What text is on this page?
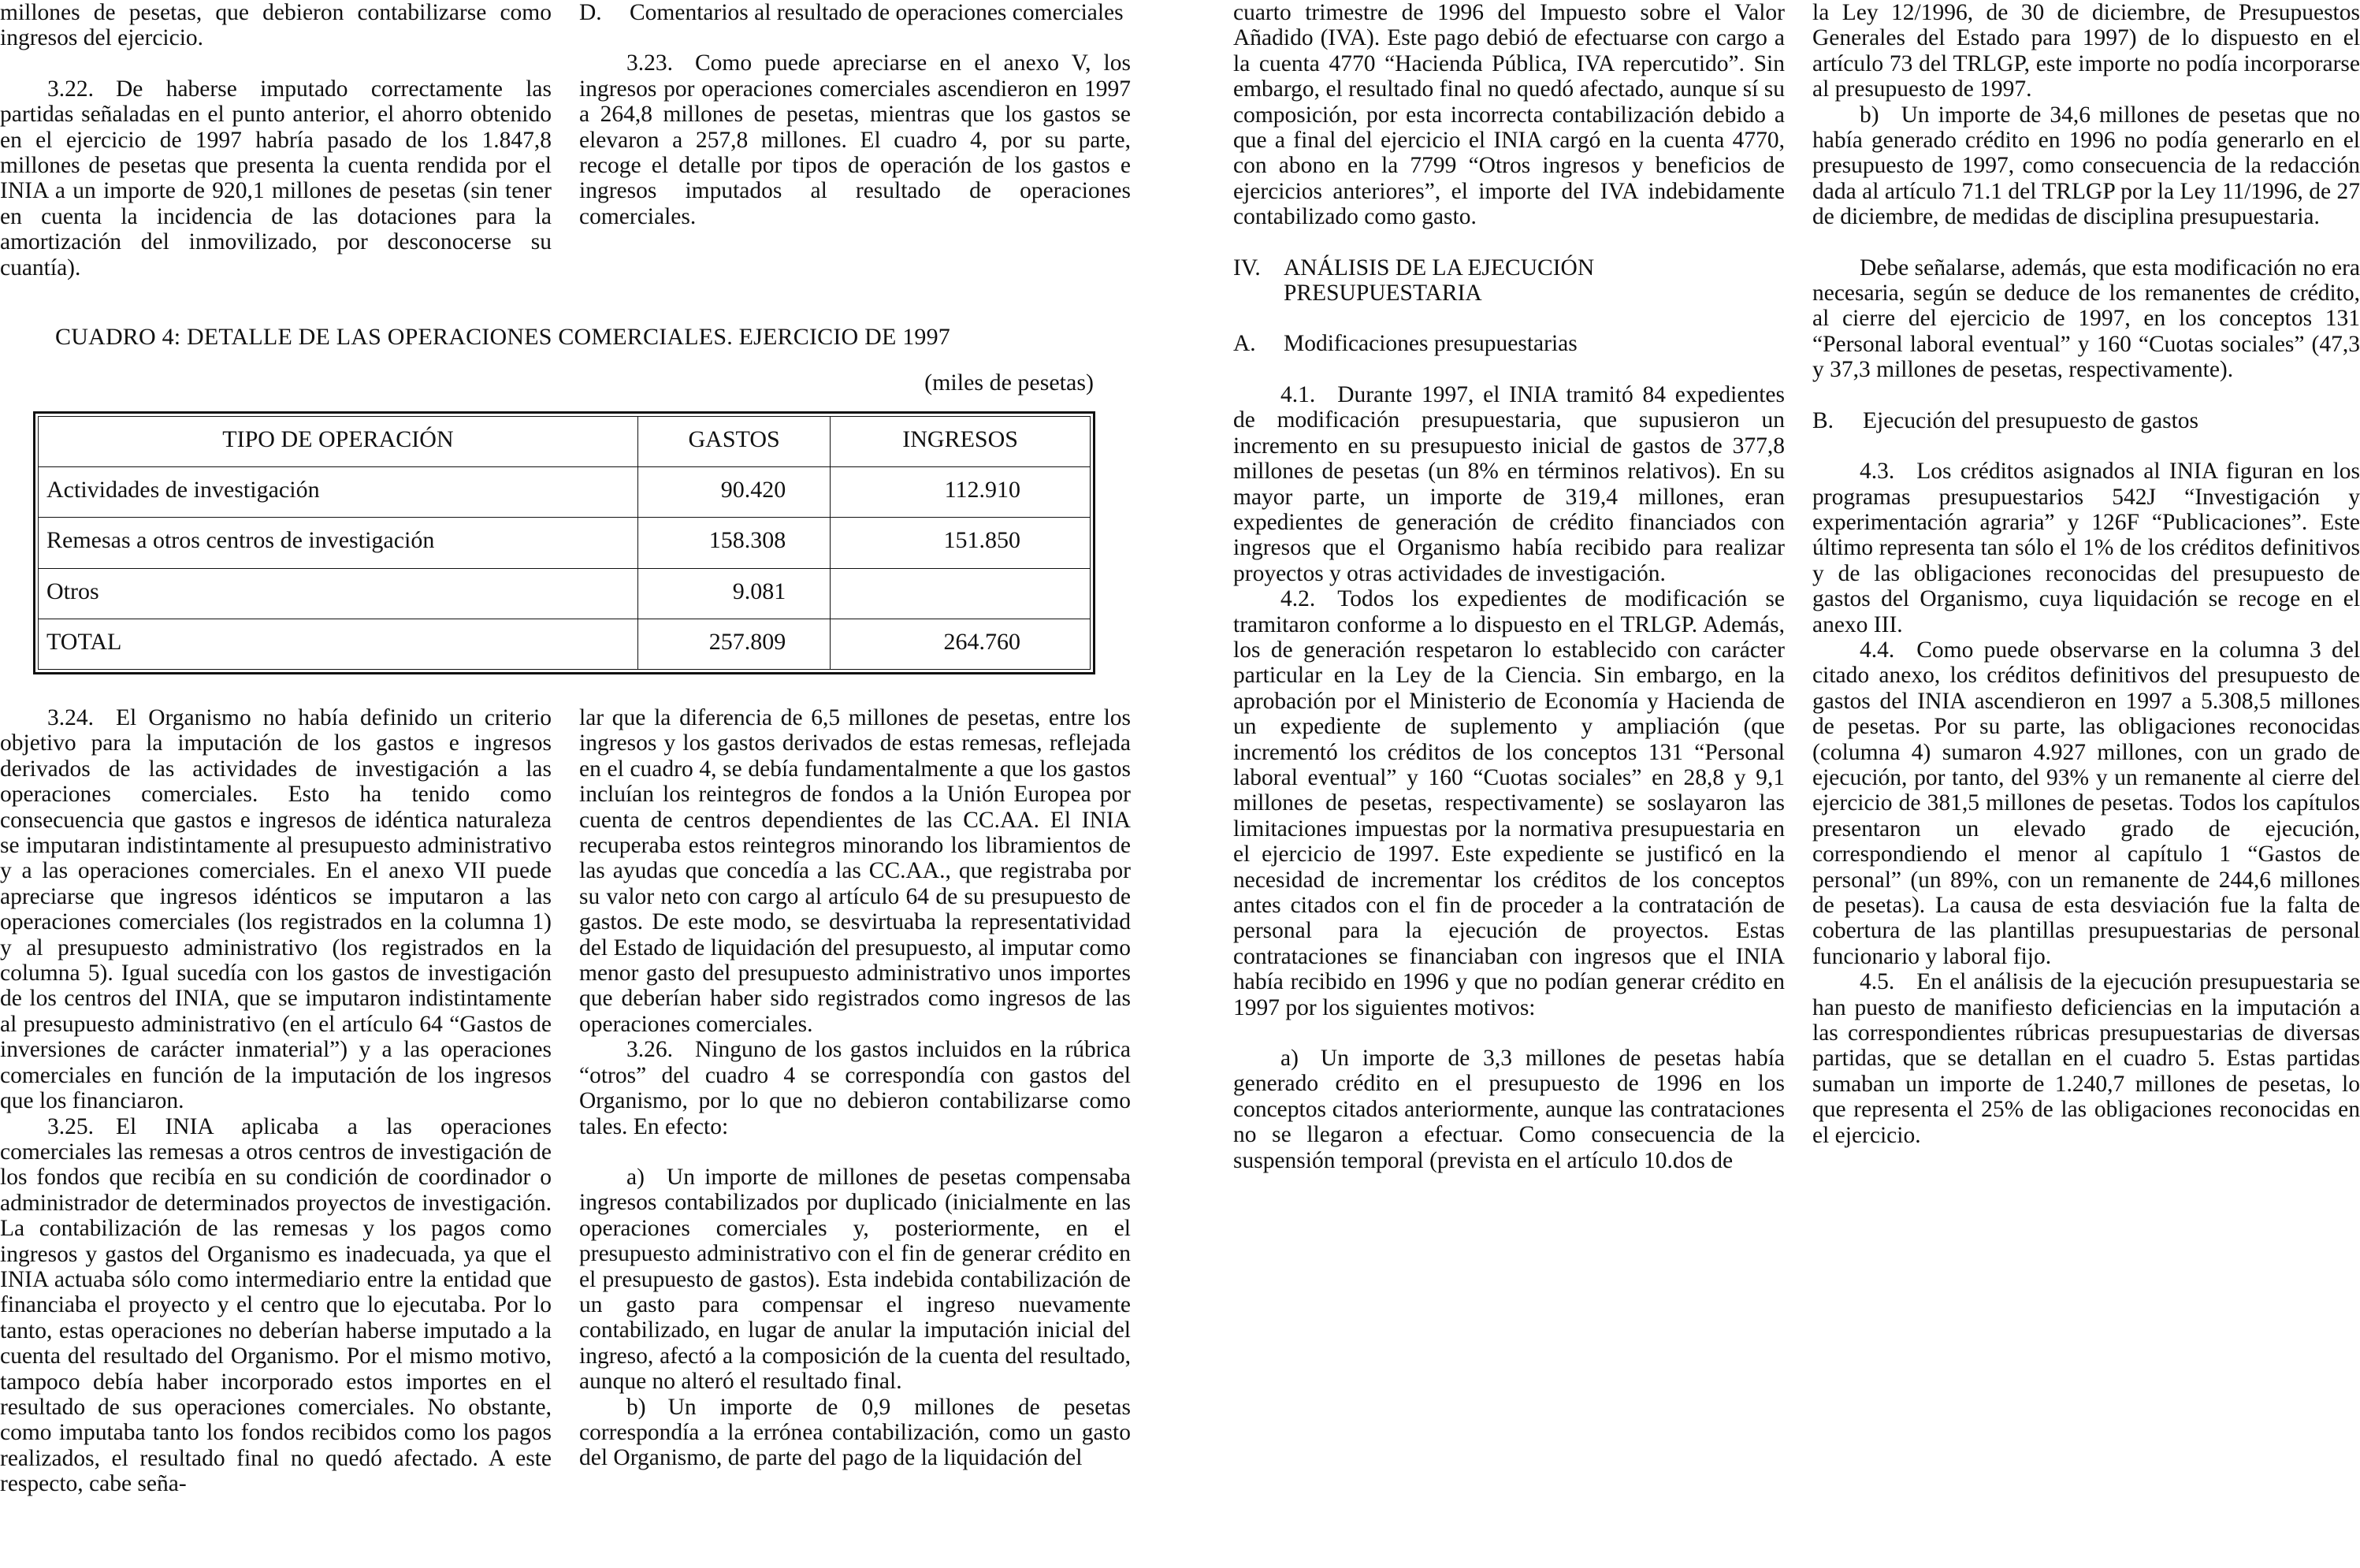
millones de pesetas, que debieron contabilizarse como ingresos del ejercicio.

3.22. De haberse imputado correctamente las partidas señaladas en el punto anterior, el ahorro obtenido en el ejercicio de 1997 habría pasado de los 1.847,8 millones de pesetas que presenta la cuenta rendida por el INIA a un importe de 920,1 millones de pesetas (sin tener en cuenta la incidencia de las dotaciones para la amortización del inmovilizado, por desconocerse su cuantía).

D.	Comentarios al resultado de operaciones comerciales

3.23. Como puede apreciarse en el anexo V, los ingresos por operaciones comerciales ascendieron en 1997 a 264,8 millones de pesetas, mientras que los gastos se elevaron a 257,8 millones. El cuadro 4, por su parte, recoge el detalle por tipos de operación de los gastos e ingresos imputados al resultado de operaciones comerciales.

CUADRO 4: DETALLE DE LAS OPERACIONES COMERCIALES. EJERCICIO DE 1997
(miles de pesetas)
TIPO DE OPERACIÓN	GASTOS	INGRESOS
Actividades de investigación	90.420	112.910
Remesas a otros centros de investigación	158.308	151.850
Otros	9.081	
TOTAL	257.809	264.760

3.24. El Organismo no había definido un criterio objetivo para la imputación de los gastos e ingresos derivados de las actividades de investigación a las operaciones comerciales. Esto ha tenido como consecuencia que gastos e ingresos de idéntica naturaleza se imputaran indistintamente al presupuesto administrativo y a las operaciones comerciales. En el anexo VII puede apreciarse que ingresos idénticos se imputaron a las operaciones comerciales (los registrados en la columna 1) y al presupuesto administrativo (los registrados en la columna 5). Igual sucedía con los gastos de investigación de los centros del INIA, que se imputaron indistintamente al presupuesto administrativo (en el artículo 64 “Gastos de inversiones de carácter inmaterial”) y a las operaciones comerciales en función de la imputación de los ingresos que los financiaron.

3.25. El INIA aplicaba a las operaciones comerciales las remesas a otros centros de investigación de los fondos que recibía en su condición de coordinador o administrador de determinados proyectos de investigación. La contabilización de las remesas y los pagos como ingresos y gastos del Organismo es inadecuada, ya que el INIA actuaba sólo como intermediario entre la entidad que financiaba el proyecto y el centro que lo ejecutaba. Por lo tanto, estas operaciones no deberían haberse imputado a la cuenta del resultado del Organismo. Por el mismo motivo, tampoco debía haber incorporado estos importes en el resultado de sus operaciones comerciales. No obstante, como imputaba tanto los fondos recibidos como los pagos realizados, el resultado final no quedó afectado. A este respecto, cabe seña-

lar que la diferencia de 6,5 millones de pesetas, entre los ingresos y los gastos derivados de estas remesas, reflejada en el cuadro 4, se debía fundamentalmente a que los gastos incluían los reintegros de fondos a la Unión Europea por cuenta de centros dependientes de las CC.AA. El INIA recuperaba estos reintegros minorando los libramientos de las ayudas que concedía a las CC.AA., que registraba por su valor neto con cargo al artículo 64 de su presupuesto de gastos. De este modo, se desvirtuaba la representatividad del Estado de liquidación del presupuesto, al imputar como menor gasto del presupuesto administrativo unos importes que deberían haber sido registrados como ingresos de las operaciones comerciales.

3.26. Ninguno de los gastos incluidos en la rúbrica “otros” del cuadro 4 se correspondía con gastos del Organismo, por lo que no debieron contabilizarse como tales. En efecto:

a) Un importe de millones de pesetas compensaba ingresos contabilizados por duplicado (inicialmente en las operaciones comerciales y, posteriormente, en el presupuesto administrativo con el fin de generar crédito en el presupuesto de gastos). Esta indebida contabilización de un gasto para compensar el ingreso nuevamente contabilizado, en lugar de anular la imputación inicial del ingreso, afectó a la composición de la cuenta del resultado, aunque no alteró el resultado final.

b) Un importe de 0,9 millones de pesetas correspondía a la errónea contabilización, como un gasto del Organismo, de parte del pago de la liquidación del

cuarto trimestre de 1996 del Impuesto sobre el Valor Añadido (IVA). Este pago debió de efectuarse con cargo a la cuenta 4770 “Hacienda Pública, IVA repercutido”. Sin embargo, el resultado final no quedó afectado, aunque sí su composición, por esta incorrecta contabilización debido a que a final del ejercicio el INIA cargó en la cuenta 4770, con abono en la 7799 “Otros ingresos y beneficios de ejercicios anteriores”, el importe del IVA indebidamente contabilizado como gasto.

IV. ANÁLISIS DE LA EJECUCIÓN PRESUPUESTARIA
A.	Modificaciones presupuestarias

4.1. Durante 1997, el INIA tramitó 84 expedientes de modificación presupuestaria, que supusieron un incremento en su presupuesto inicial de gastos de 377,8 millones de pesetas (un 8% en términos relativos). En su mayor parte, un importe de 319,4 millones, eran expedientes de generación de crédito financiados con ingresos que el Organismo había recibido para realizar proyectos y otras actividades de investigación.

4.2. Todos los expedientes de modificación se tramitaron conforme a lo dispuesto en el TRLGP. Además, los de generación respetaron lo establecido con carácter particular en la Ley de la Ciencia. Sin embargo, en la aprobación por el Ministerio de Economía y Hacienda de un expediente de suplemento y ampliación (que incrementó los créditos de los conceptos 131 “Personal laboral eventual” y 160 “Cuotas sociales” en 28,8 y 9,1 millones de pesetas, respectivamente) se soslayaron las limitaciones impuestas por la normativa presupuestaria en el ejercicio de 1997. Este expediente se justificó en la necesidad de incrementar los créditos de los conceptos antes citados con el fin de proceder a la contratación de personal para la ejecución de proyectos. Estas contrataciones se financiaban con ingresos que el INIA había recibido en 1996 y que no podían generar crédito en 1997 por los siguientes motivos:

a) Un importe de 3,3 millones de pesetas había generado crédito en el presupuesto de 1996 en los conceptos citados anteriormente, aunque las contrataciones no se llegaron a efectuar. Como consecuencia de la suspensión temporal (prevista en el artículo 10.dos de

la Ley 12/1996, de 30 de diciembre, de Presupuestos Generales del Estado para 1997) de lo dispuesto en el artículo 73 del TRLGP, este importe no podía incorporarse al presupuesto de 1997.

b) Un importe de 34,6 millones de pesetas que no había generado crédito en 1996 no podía generarlo en el presupuesto de 1997, como consecuencia de la redacción dada al artículo 71.1 del TRLGP por la Ley 11/1996, de 27 de diciembre, de medidas de disciplina presupuestaria.

Debe señalarse, además, que esta modificación no era necesaria, según se deduce de los remanentes de crédito, al cierre del ejercicio de 1997, en los conceptos 131 “Personal laboral eventual” y 160 “Cuotas sociales” (47,3 y 37,3 millones de pesetas, respectivamente).

B.	Ejecución del presupuesto de gastos

4.3. Los créditos asignados al INIA figuran en los programas presupuestarios 542J “Investigación y experimentación agraria” y 126F “Publicaciones”. Este último representa tan sólo el 1% de los créditos definitivos y de las obligaciones reconocidas del presupuesto de gastos del Organismo, cuya liquidación se recoge en el anexo III.

4.4. Como puede observarse en la columna 3 del citado anexo, los créditos definitivos del presupuesto de gastos del INIA ascendieron en 1997 a 5.308,5 millones de pesetas. Por su parte, las obligaciones reconocidas (columna 4) sumaron 4.927 millones, con un grado de ejecución, por tanto, del 93% y un remanente al cierre del ejercicio de 381,5 millones de pesetas. Todos los capítulos presentaron un elevado grado de ejecución, correspondiendo el menor al capítulo 1 “Gastos de personal” (un 89%, con un remanente de 244,6 millones de pesetas). La causa de esta desviación fue la falta de cobertura de las plantillas presupuestarias de personal funcionario y laboral fijo.

4.5. En el análisis de la ejecución presupuestaria se han puesto de manifiesto deficiencias en la imputación a las correspondientes rúbricas presupuestarias de diversas partidas, que se detallan en el cuadro 5. Estas partidas sumaban un importe de 1.240,7 millones de pesetas, lo que representa el 25% de las obligaciones reconocidas en el ejercicio.
